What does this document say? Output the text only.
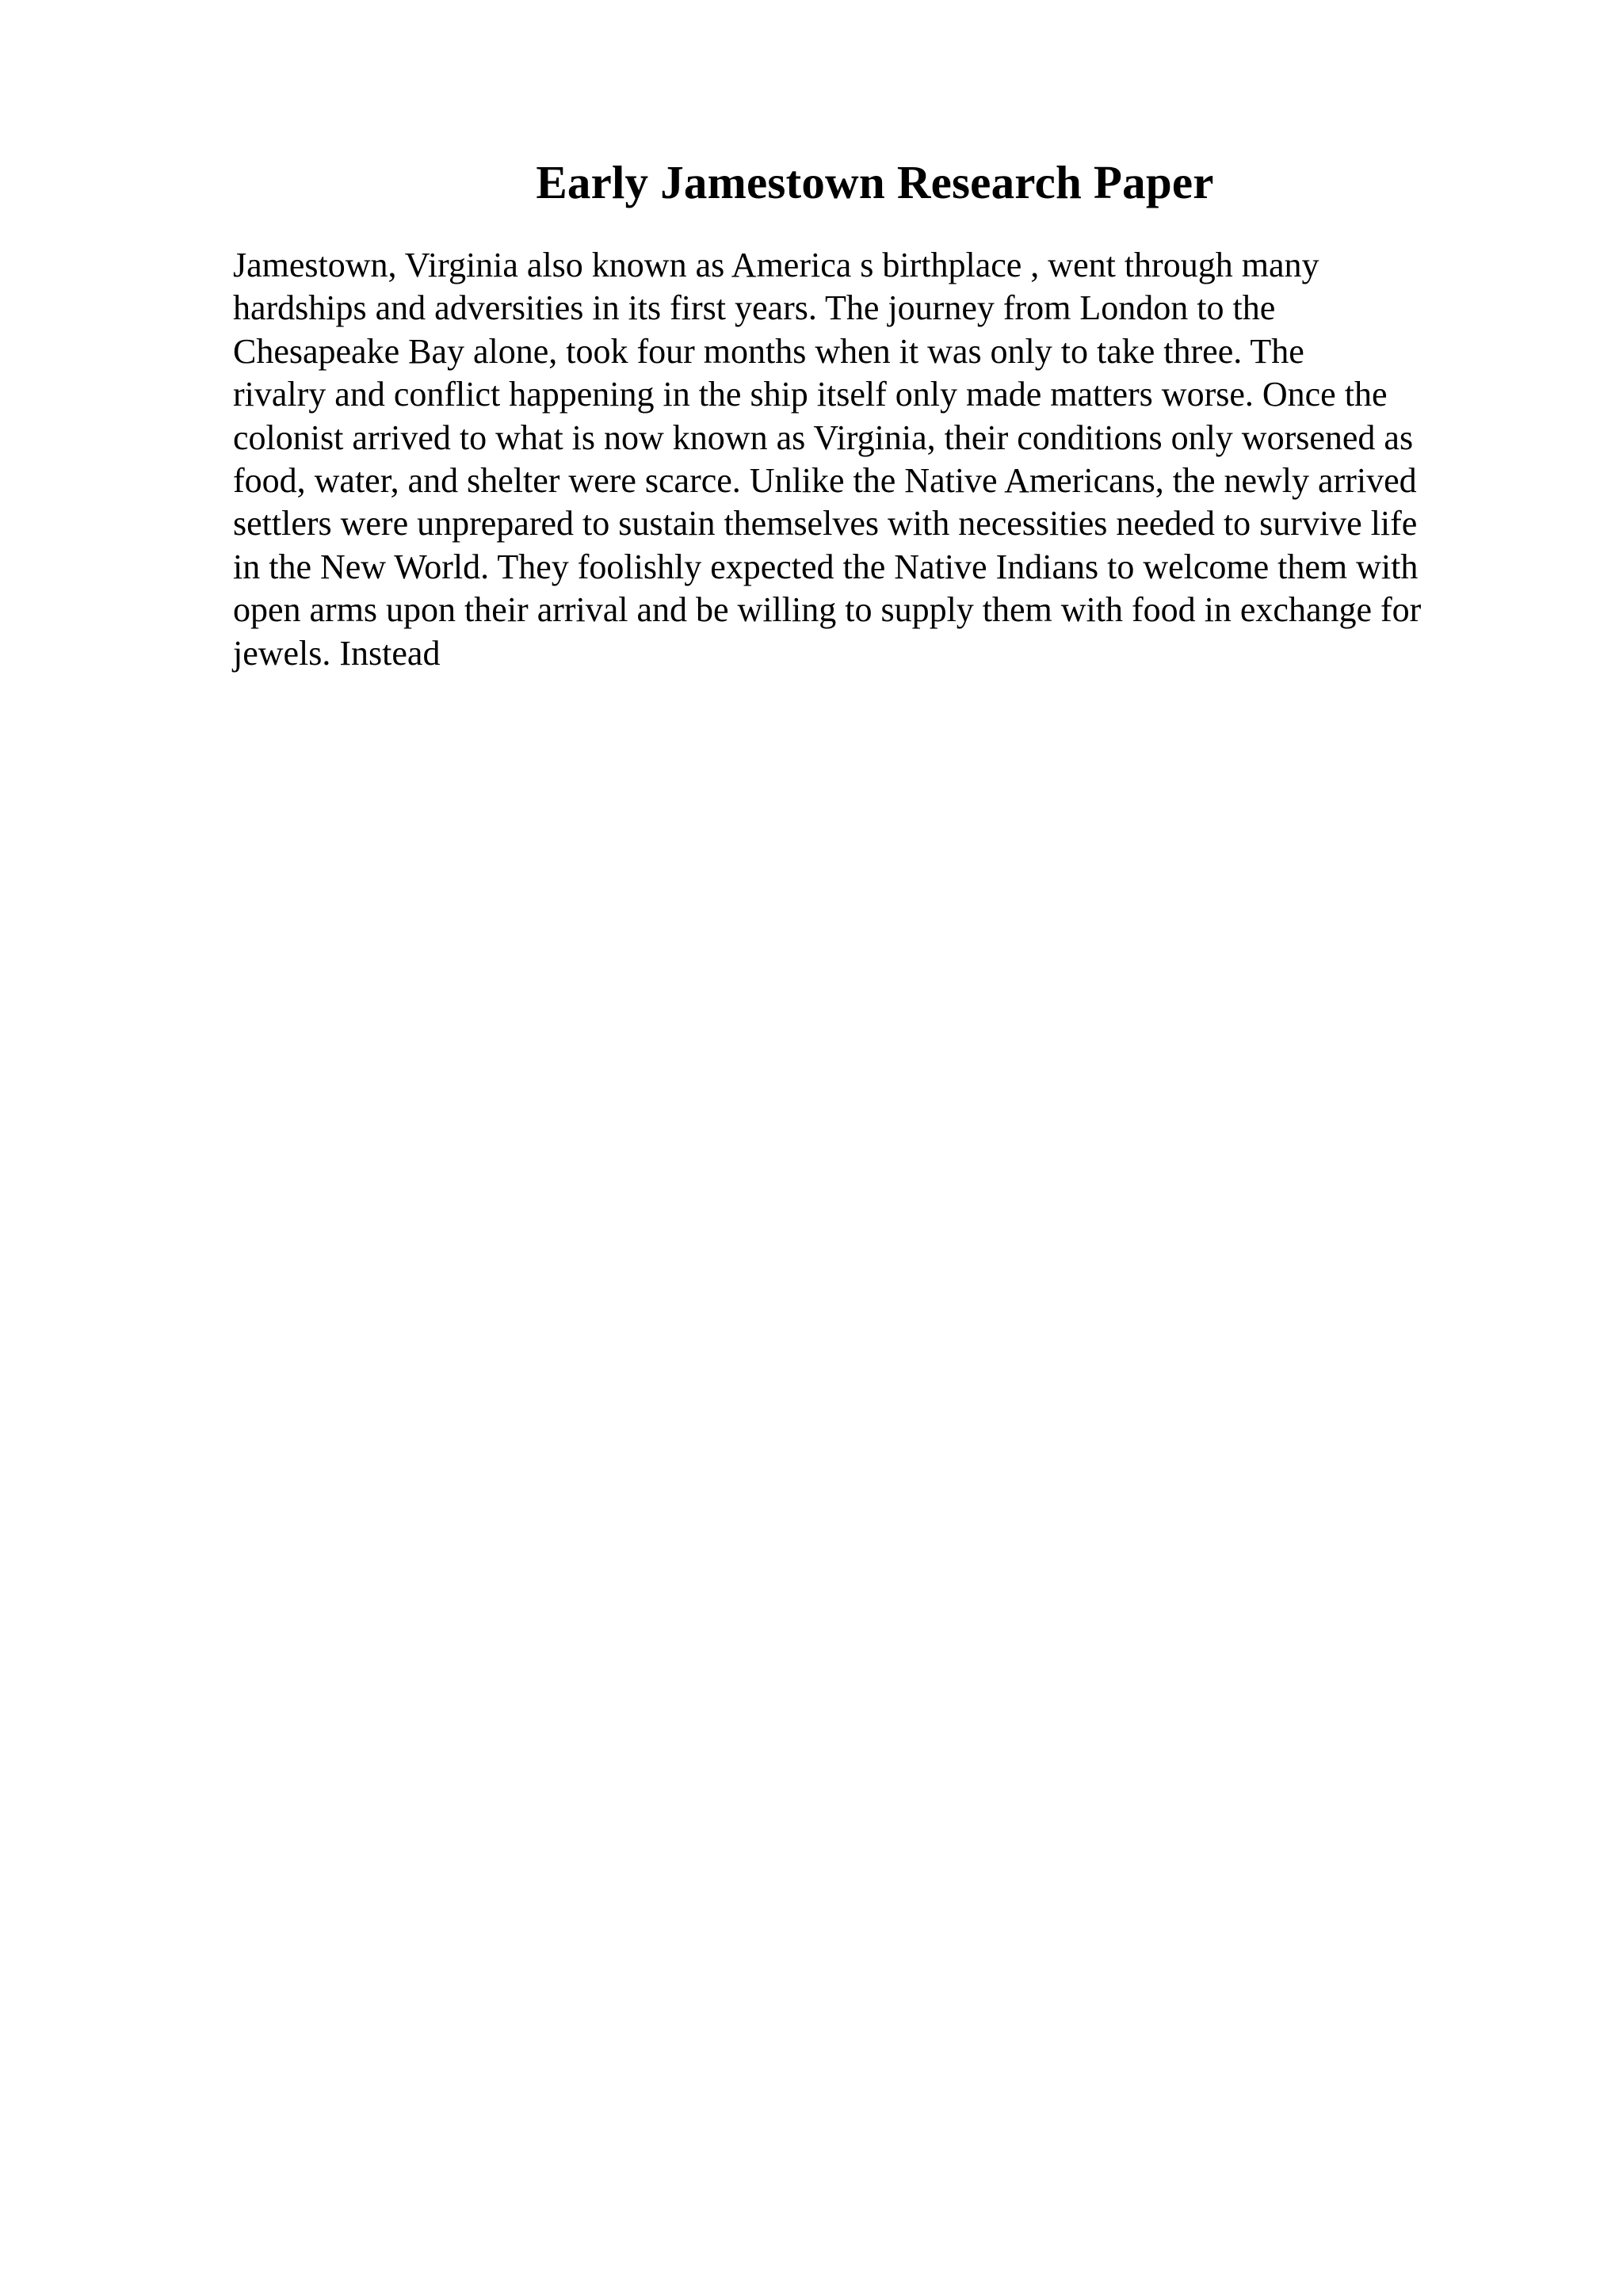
Early Jamestown Research Paper
Jamestown, Virginia also known as America s birthplace , went through many
hardships and adversities in its first years. The journey from London to the
Chesapeake Bay alone, took four months when it was only to take three. The
rivalry and conflict happening in the ship itself only made matters worse. Once the
colonist arrived to what is now known as Virginia, their conditions only worsened as
food, water, and shelter were scarce. Unlike the Native Americans, the newly arrived
settlers were unprepared to sustain themselves with necessities needed to survive life
in the New World. They foolishly expected the Native Indians to welcome them with
open arms upon their arrival and be willing to supply them with food in exchange for
jewels. Instead
